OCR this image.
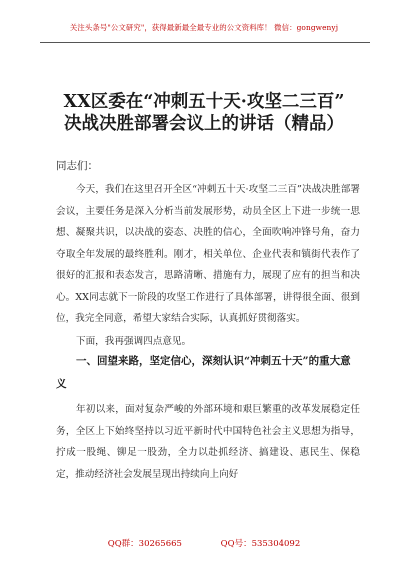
关注头条号"公文研究"，获得最新最全最专业的公文资料库！ 微信：gongwenyj
XX区委在“冲刺五十天·攻坚二三百”
决战决胜部署会议上的讲话（精品）
同志们：

今天，我们在这里召开全区“冲刺五十天·攻坚二三百”决战决胜部署会议，主要任务是深入分析当前发展形势，动员全区上下进一步统一思想、凝聚共识，以决战的姿态、决胜的信心，全面吹响冲锋号角，奋力夺取全年发展的最终胜利。刚才，相关单位、企业代表和镇街代表作了很好的汇报和表态发言，思路清晰、措施有力，展现了应有的担当和决心。XX同志就下一阶段的攻坚工作进行了具体部署，讲得很全面、很到位，我完全同意，希望大家结合实际，认真抓好贯彻落实。

下面，我再强调四点意见。

一、回望来路，坚定信心，深刻认识“冲刺五十天”的重大意义

年初以来，面对复杂严峻的外部环境和艰巨繁重的改革发展稳定任务，全区上下始终坚持以习近平新时代中国特色社会主义思想为指导，拧成一股绳、铆足一股劲，全力以赴抓经济、搞建设、惠民生、保稳定，推动经济社会发展呈现出持续向上向好

QQ群：30265665	QQ号：535304092
